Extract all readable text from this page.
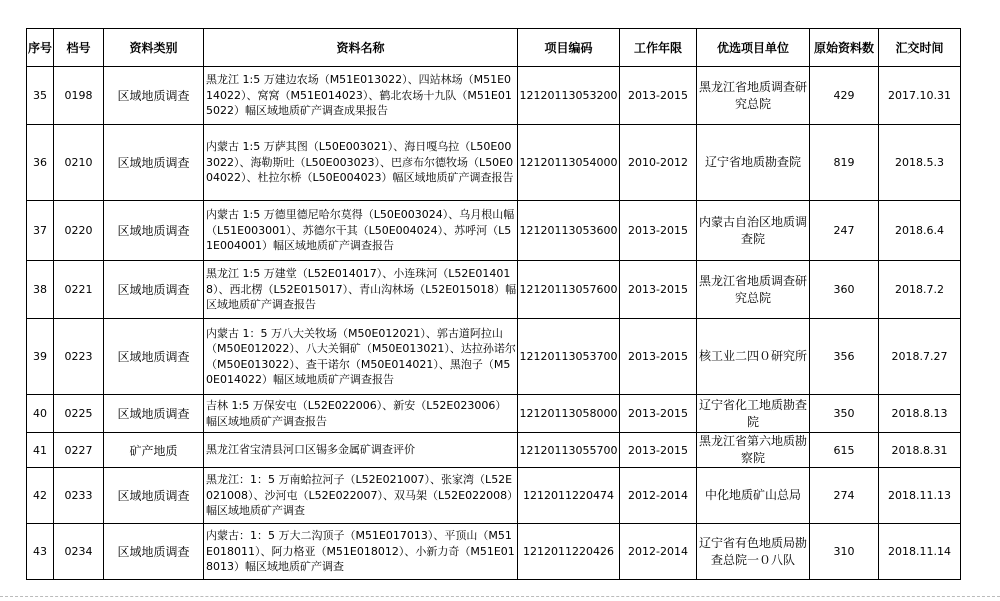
序号	档号	资料类别	资料名称	项目编码	工作年限	优选项目单位	原始资料数	汇交时间
35	0198	区域地质调查	黑龙江 1:5 万建边农场（M51E013022）、四站林场（M51E014022）、窝窝（M51E014023）、鹤北农场十九队（M51E015022）幅区域地质矿产调查成果报告	12120113053200	2013-2015	黑龙江省地质调查研究总院	429	2017.10.31
36	0210	区域地质调查	内蒙古 1:5 万萨其图（L50E003021）、海日嘎乌拉（L50E003022）、海勒斯吐（L50E003023）、巴彦布尔德牧场（L50E004022）、杜拉尔桥（L50E004023）幅区域地质矿产调查报告	12120113054000	2010-2012	辽宁省地质勘查院	819	2018.5.3
37	0220	区域地质调查	内蒙古 1:5 万德里德尼哈尔莫得（L50E003024）、乌月根山幅（L51E003001）、苏德尔干其（L50E004024）、苏呼河（L51E004001）幅区域地质矿产调查报告	12120113053600	2013-2015	内蒙古自治区地质调查院	247	2018.6.4
38	0221	区域地质调查	黑龙江 1:5 万建堂（L52E014017）、小连珠河（L52E014018）、西北楞（L52E015017）、青山沟林场（L52E015018）幅区域地质矿产调查报告	12120113057600	2013-2015	黑龙江省地质调查研究总院	360	2018.7.2
39	0223	区域地质调查	内蒙古 1：5 万八大关牧场（M50E012021）、郭古道阿拉山（M50E012022）、八大关铜矿（M50E013021）、达拉孙诺尔（M50E013022）、查干诺尔（M50E014021）、黑泡子（M50E014022）幅区域地质矿产调查报告	12120113053700	2013-2015	核工业二四０研究所	356	2018.7.27
40	0225	区域地质调查	吉林 1:5 万保安屯（L52E022006）、新安（L52E023006）幅区域地质矿产调查报告	12120113058000	2013-2015	辽宁省化工地质勘查院	350	2018.8.13
41	0227	矿产地质	黑龙江省宝清县河口区锡多金属矿调查评价	12120113055700	2013-2015	黑龙江省第六地质勘察院	615	2018.8.31
42	0233	区域地质调查	黑龙江：1：5 万南蛤拉河子（L52E021007）、张家湾（L52E021008）、沙河屯（L52E022007）、双马架（L52E022008）幅区域地质矿产调查	1212011220474	2012-2014	中化地质矿山总局	274	2018.11.13
43	0234	区域地质调查	内蒙古：1：5 万大二沟顶子（M51E017013）、平顶山（M51E018011）、阿力格亚（M51E018012）、小新力奇（M51E018013）幅区域地质矿产调查	1212011220426	2012-2014	辽宁省有色地质局勘查总院一０八队	310	2018.11.14
